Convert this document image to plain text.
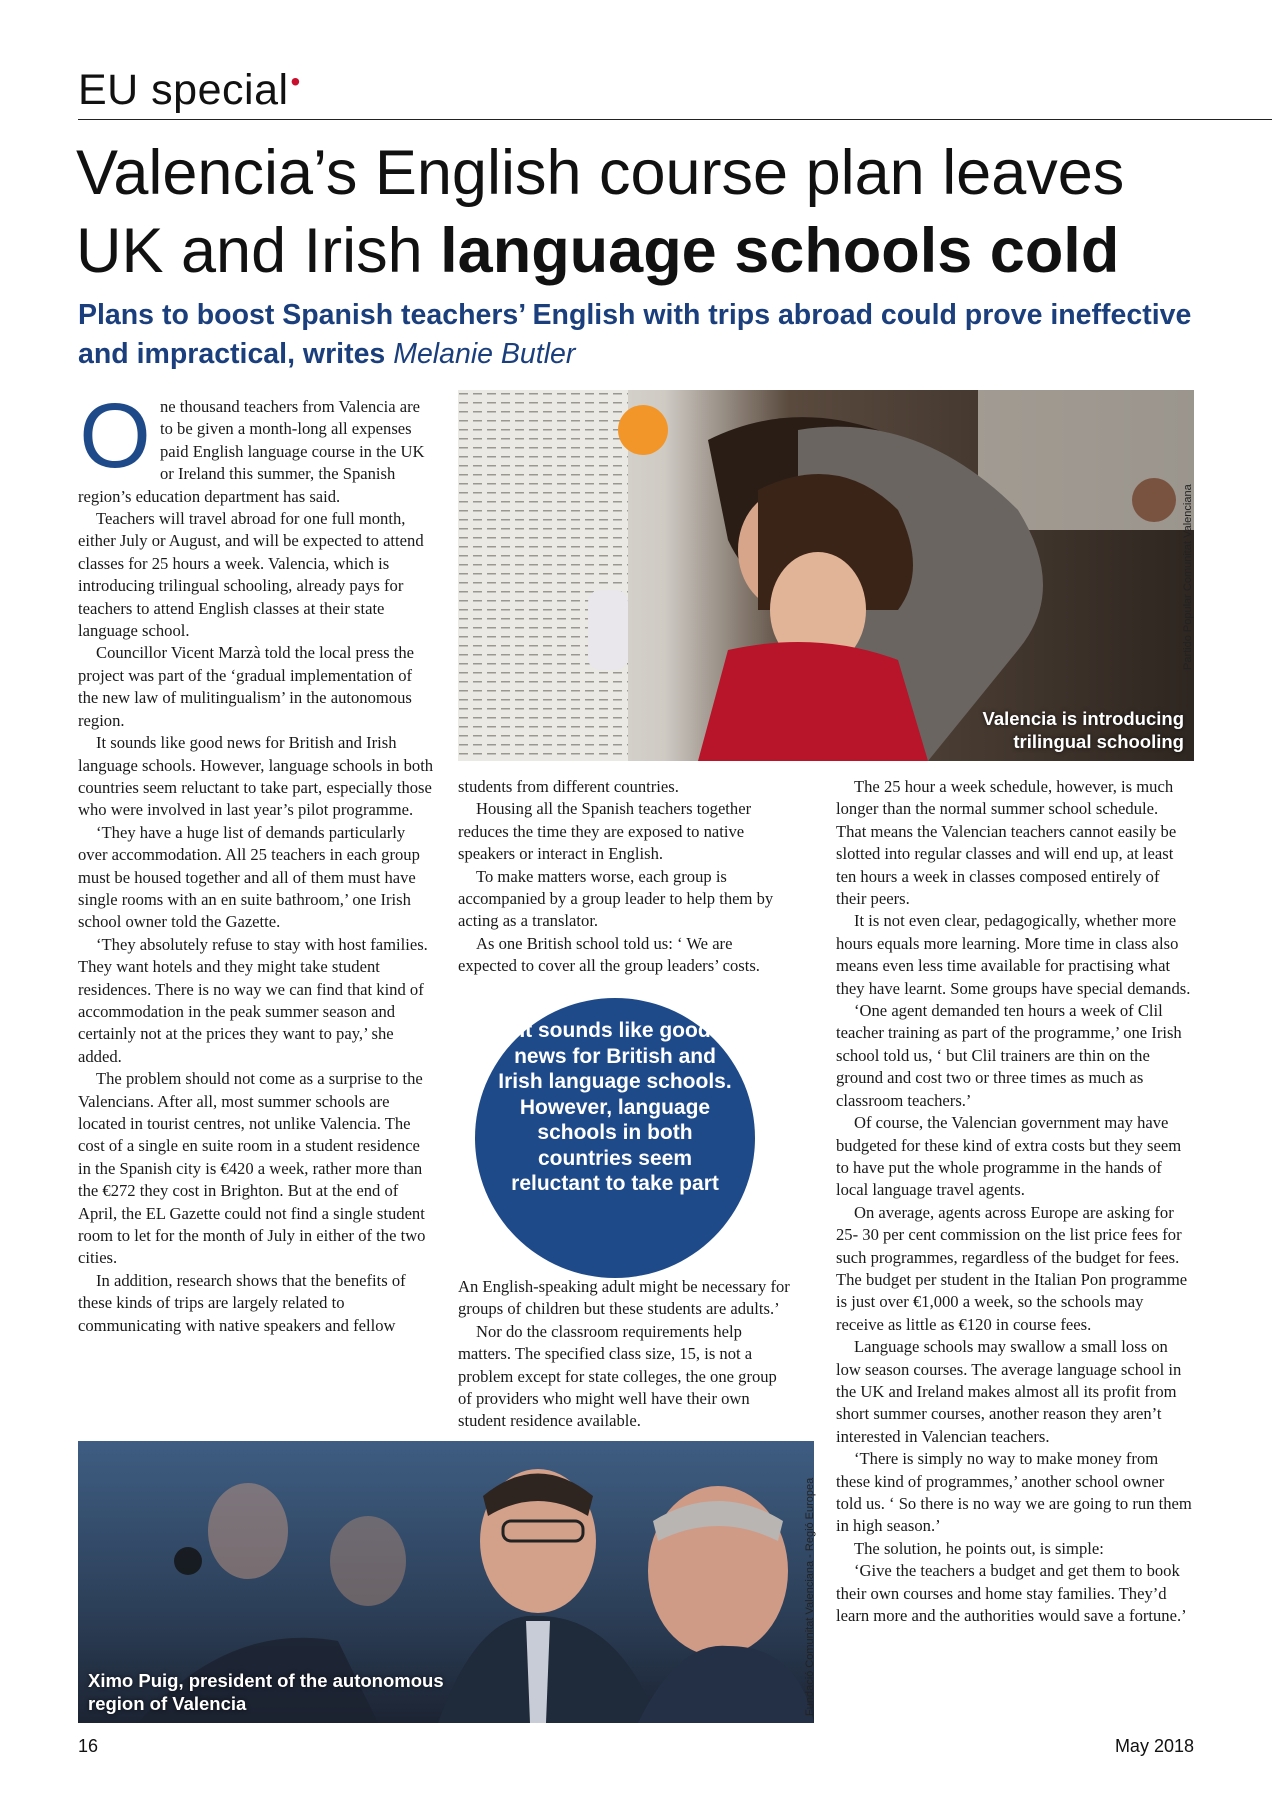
EU special•
Valencia’s English course plan leaves
UK and Irish language schools cold

Plans to boost Spanish teachers’ English with trips abroad could prove ineffective and impractical, writes Melanie Butler

O ne thousand teachers from Valencia are to be given a month-long all expenses paid English language course in the UK or Ireland this summer, the Spanish region’s education department has said.

Teachers will travel abroad for one full month, either July or August, and will be expected to attend classes for 25 hours a week. Valencia, which is introducing trilingual schooling, already pays for teachers to attend English classes at their state language school.

Councillor Vicent Marzà told the local press the project was part of the ‘gradual implementation of the new law of mulitingualism’ in the autonomous region.

It sounds like good news for British and Irish language schools. However, language schools in both countries seem reluctant to take part, especially those who were involved in last year’s pilot programme.

‘They have a huge list of demands particularly over accommodation. All 25 teachers in each group must be housed together and all of them must have single rooms with an en suite bathroom,’ one Irish school owner told the Gazette.

‘They absolutely refuse to stay with host families. They want hotels and they might take student residences. There is no way we can find that kind of accommodation in the peak summer season and certainly not at the prices they want to pay,’ she added.

The problem should not come as a surprise to the Valencians. After all, most summer schools are located in tourist centres, not unlike Valencia. The cost of a single en suite room in a student residence in the Spanish city is €420 a week, rather more than the €272 they cost in Brighton. But at the end of April, the EL Gazette could not find a single student room to let for the month of July in either of the two cities.

In addition, research shows that the benefits of these kinds of trips are largely related to communicating with native speakers and fellow

Valencia is introducing trilingual schooling
Partido Popular Comunitat Valenciana

students from different countries.

Housing all the Spanish teachers together reduces the time they are exposed to native speakers or interact in English.

To make matters worse, each group is accompanied by a group leader to help them by acting as a translator.

As one British school told us: ‘ We are expected to cover all the group leaders’ costs.

It sounds like good news for British and Irish language schools. However, language schools in both countries seem reluctant to take part

An English-speaking adult might be necessary for groups of children but these students are adults.’

Nor do the classroom requirements help matters. The specified class size, 15, is not a problem except for state colleges, the one group of providers who might well have their own student residence available.

The 25 hour a week schedule, however, is much longer than the normal summer school schedule. That means the Valencian teachers cannot easily be slotted into regular classes and will end up, at least ten hours a week in classes composed entirely of their peers.

It is not even clear, pedagogically, whether more hours equals more learning. More time in class also means even less time available for practising what they have learnt. Some groups have special demands.

‘One agent demanded ten hours a week of Clil teacher training as part of the programme,’ one Irish school told us, ‘ but Clil trainers are thin on the ground and cost two or three times as much as classroom teachers.’

Of course, the Valencian government may have budgeted for these kind of extra costs but they seem to have put the whole programme in the hands of local language travel agents.

On average, agents across Europe are asking for 25- 30 per cent commission on the list price fees for such programmes, regardless of the budget for fees. The budget per student in the Italian Pon programme is just over €1,000 a week, so the schools may receive as little as €120 in course fees.

Language schools may swallow a small loss on low season courses. The average language school in the UK and Ireland makes almost all its profit from short summer courses, another reason they aren’t interested in Valencian teachers.

‘There is simply no way to make money from these kind of programmes,’ another school owner told us. ‘ So there is no way we are going to run them in high season.’

The solution, he points out, is simple:

‘Give the teachers a budget and get them to book their own courses and home stay families. They’d learn more and the authorities would save a fortune.’

Ximo Puig, president of the autonomous region of Valencia	Fundació Comunitat Valenciana - Regió Europea
16	May 2018
